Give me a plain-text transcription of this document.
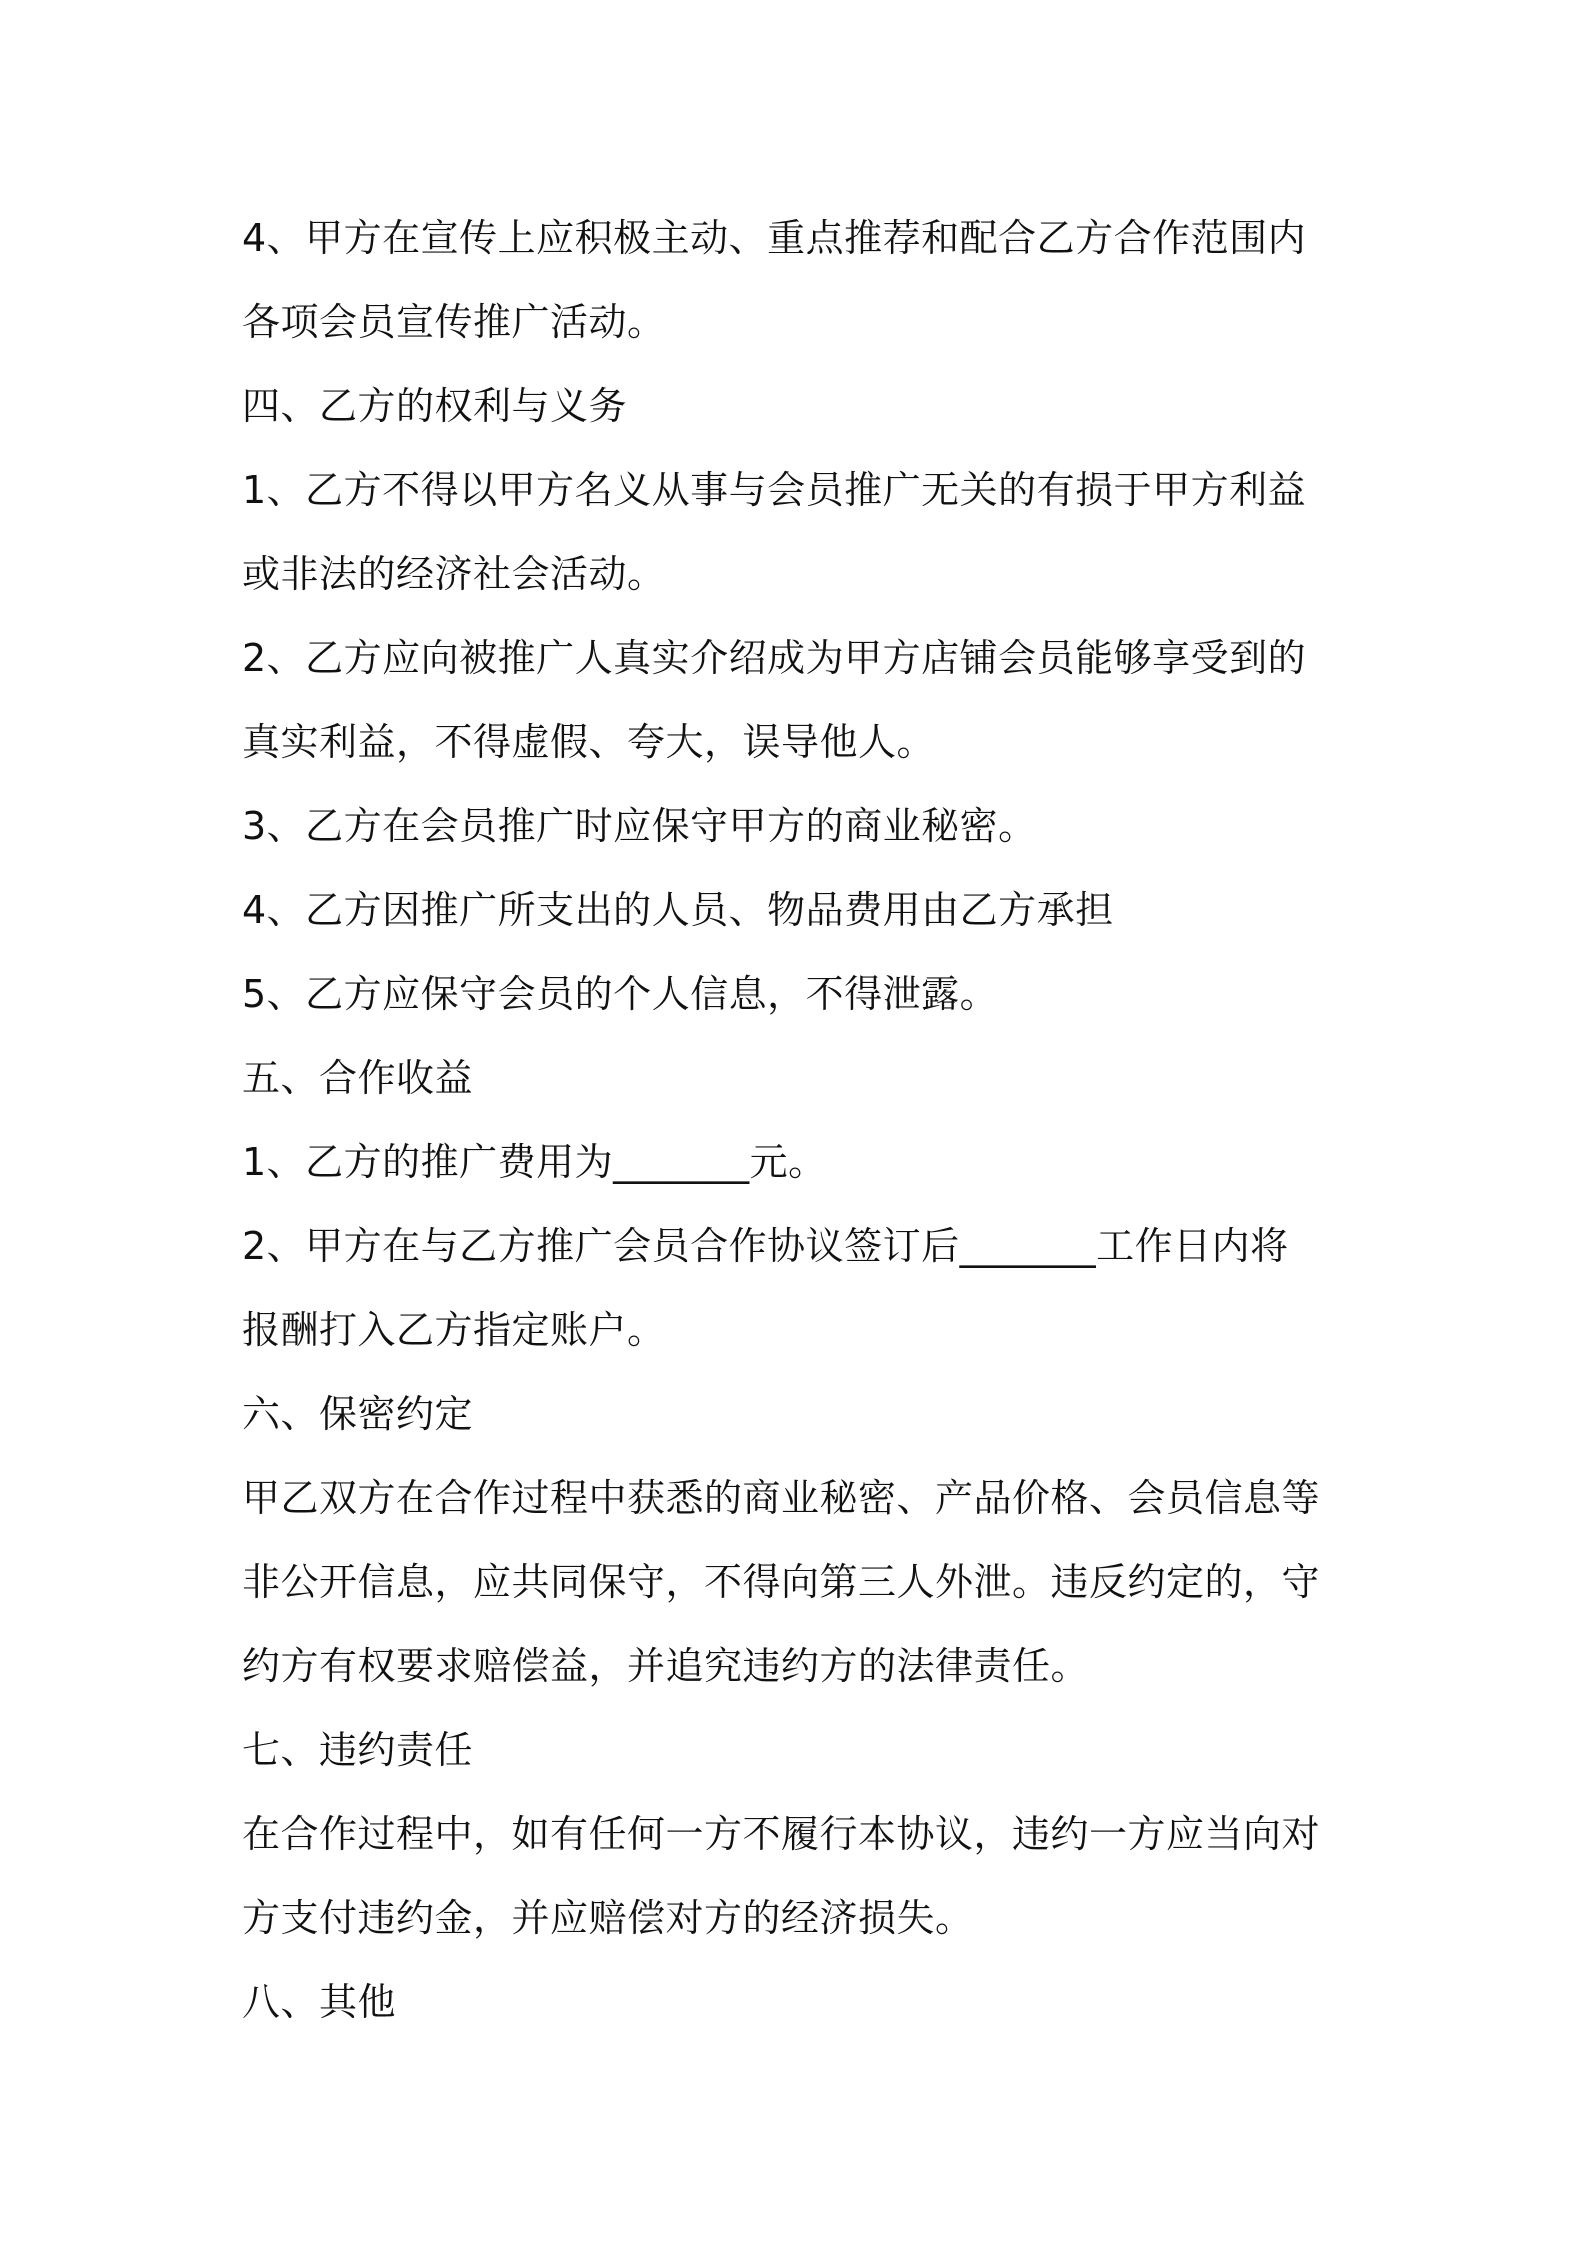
4、甲方在宣传上应积极主动、重点推荐和配合乙方合作范围内
各项会员宣传推广活动。
四、乙方的权利与义务
1、乙方不得以甲方名义从事与会员推广无关的有损于甲方利益
或非法的经济社会活动。
2、乙方应向被推广人真实介绍成为甲方店铺会员能够享受到的
真实利益，不得虚假、夸大，误导他人。
3、乙方在会员推广时应保守甲方的商业秘密。
4、乙方因推广所支出的人员、物品费用由乙方承担
5、乙方应保守会员的个人信息，不得泄露。
五、合作收益
1、乙方的推广费用为_______元。
2、甲方在与乙方推广会员合作协议签订后_______工作日内将
报酬打入乙方指定账户。
六、保密约定
甲乙双方在合作过程中获悉的商业秘密、产品价格、会员信息等
非公开信息，应共同保守，不得向第三人外泄。违反约定的，守
约方有权要求赔偿益，并追究违约方的法律责任。
七、违约责任
在合作过程中，如有任何一方不履行本协议，违约一方应当向对
方支付违约金，并应赔偿对方的经济损失。
八、其他
